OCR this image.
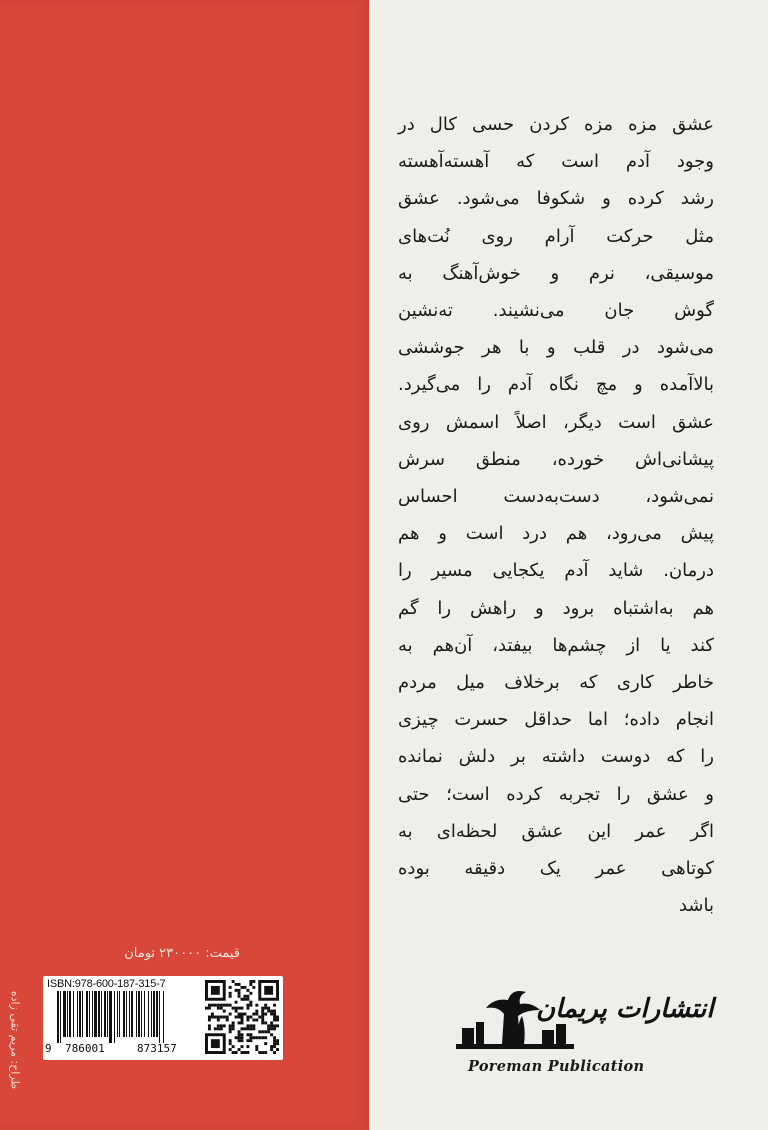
عشق مزه مزه کردن حسی کال در
وجود آدم است که آهسته‌آهسته
رشد کرده و شکوفا می‌شود. عشق
مثل حرکت آرام روی نُت‌های
موسیقی، نرم و خوش‌آهنگ به
گوش جان می‌نشیند. ته‌نشین
می‌شود در قلب و با هر جوششی
بالاآمده و مچ نگاه آدم را می‌گیرد.
عشق است دیگر، اصلاً اسمش روی
پیشانی‌اش خورده، منطق سرش
نمی‌شود، دست‌به‌دست احساس
پیش می‌رود، هم درد است و هم
درمان. شاید آدم یکجایی مسیر را
هم به‌اشتباه برود و راهش را گم
کند یا از چشم‌ها بیفتد، آن‌هم به
خاطر کاری که برخلاف میل مردم
انجام داده؛ اما حداقل حسرت چیزی
را که دوست داشته بر دلش نمانده
و عشق را تجربه کرده است؛ حتی
اگر عمر این عشق لحظه‌ای به
کوتاهی عمر یک دقیقه بوده
باشد
قیمت: ۲۳۰۰۰۰ تومان
طراح: مریم تقی زاده
ISBN:978-600-187-315-7
9 786001	873157
انتشارات پریمان
Poreman Publication
